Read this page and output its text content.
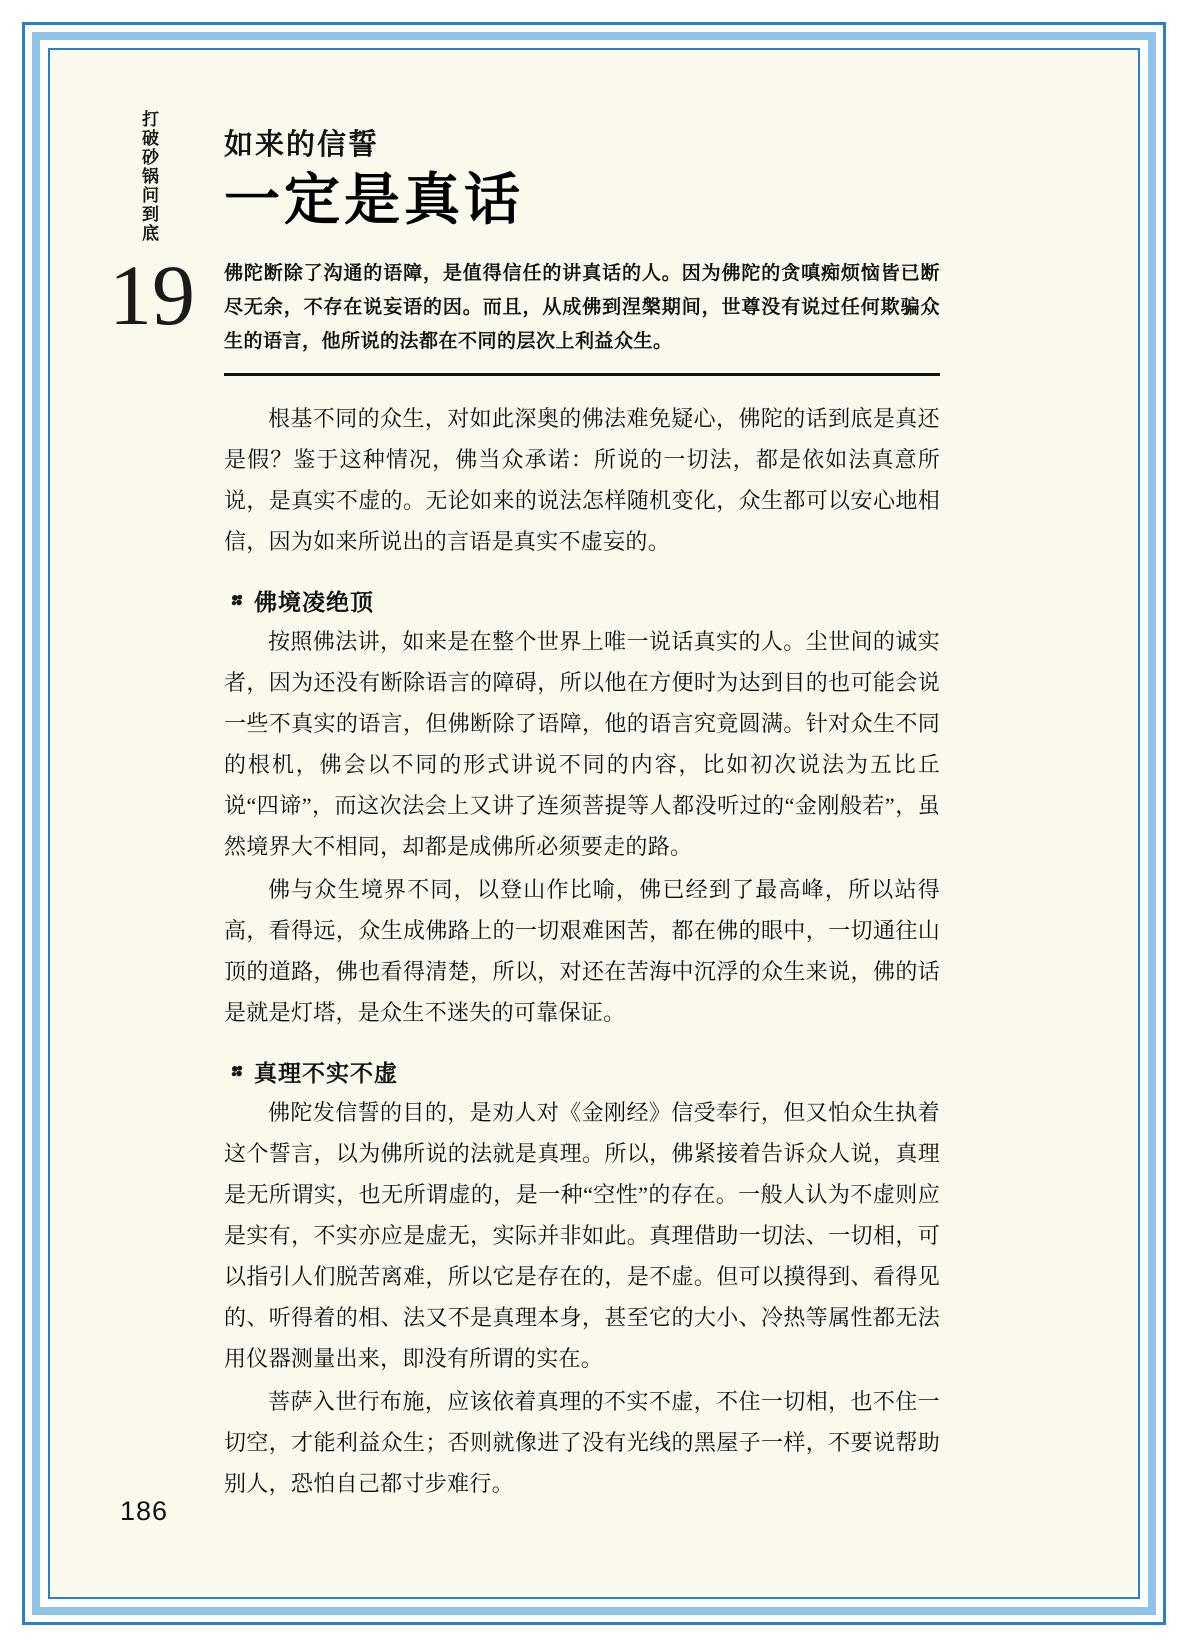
打破砂锅问到底
19
如来的信誓
一定是真话
佛陀断除了沟通的语障，是值得信任的讲真话的人。因为佛陀的贪嗔痴烦恼皆已断尽无余，不存在说妄语的因。而且，从成佛到涅槃期间，世尊没有说过任何欺骗众生的语言，他所说的法都在不同的层次上利益众生。

根基不同的众生，对如此深奥的佛法难免疑心，佛陀的话到底是真还是假？鉴于这种情况，佛当众承诺：所说的一切法，都是依如法真意所说，是真实不虚的。无论如来的说法怎样随机变化，众生都可以安心地相信，因为如来所说出的言语是真实不虚妄的。

佛境凌绝顶

按照佛法讲，如来是在整个世界上唯一说话真实的人。尘世间的诚实者，因为还没有断除语言的障碍，所以他在方便时为达到目的也可能会说一些不真实的语言，但佛断除了语障，他的语言究竟圆满。针对众生不同的根机，佛会以不同的形式讲说不同的内容，比如初次说法为五比丘说“四谛”，而这次法会上又讲了连须菩提等人都没听过的“金刚般若”，虽然境界大不相同，却都是成佛所必须要走的路。

佛与众生境界不同，以登山作比喻，佛已经到了最高峰，所以站得高，看得远，众生成佛路上的一切艰难困苦，都在佛的眼中，一切通往山顶的道路，佛也看得清楚，所以，对还在苦海中沉浮的众生来说，佛的话是就是灯塔，是众生不迷失的可靠保证。

真理不实不虚

佛陀发信誓的目的，是劝人对《金刚经》信受奉行，但又怕众生执着这个誓言，以为佛所说的法就是真理。所以，佛紧接着告诉众人说，真理是无所谓实，也无所谓虚的，是一种“空性”的存在。一般人认为不虚则应是实有，不实亦应是虚无，实际并非如此。真理借助一切法、一切相，可以指引人们脱苦离难，所以它是存在的，是不虚。但可以摸得到、看得见的、听得着的相、法又不是真理本身，甚至它的大小、冷热等属性都无法用仪器测量出来，即没有所谓的实在。

菩萨入世行布施，应该依着真理的不实不虚，不住一切相，也不住一切空，才能利益众生；否则就像进了没有光线的黑屋子一样，不要说帮助别人，恐怕自己都寸步难行。

186
